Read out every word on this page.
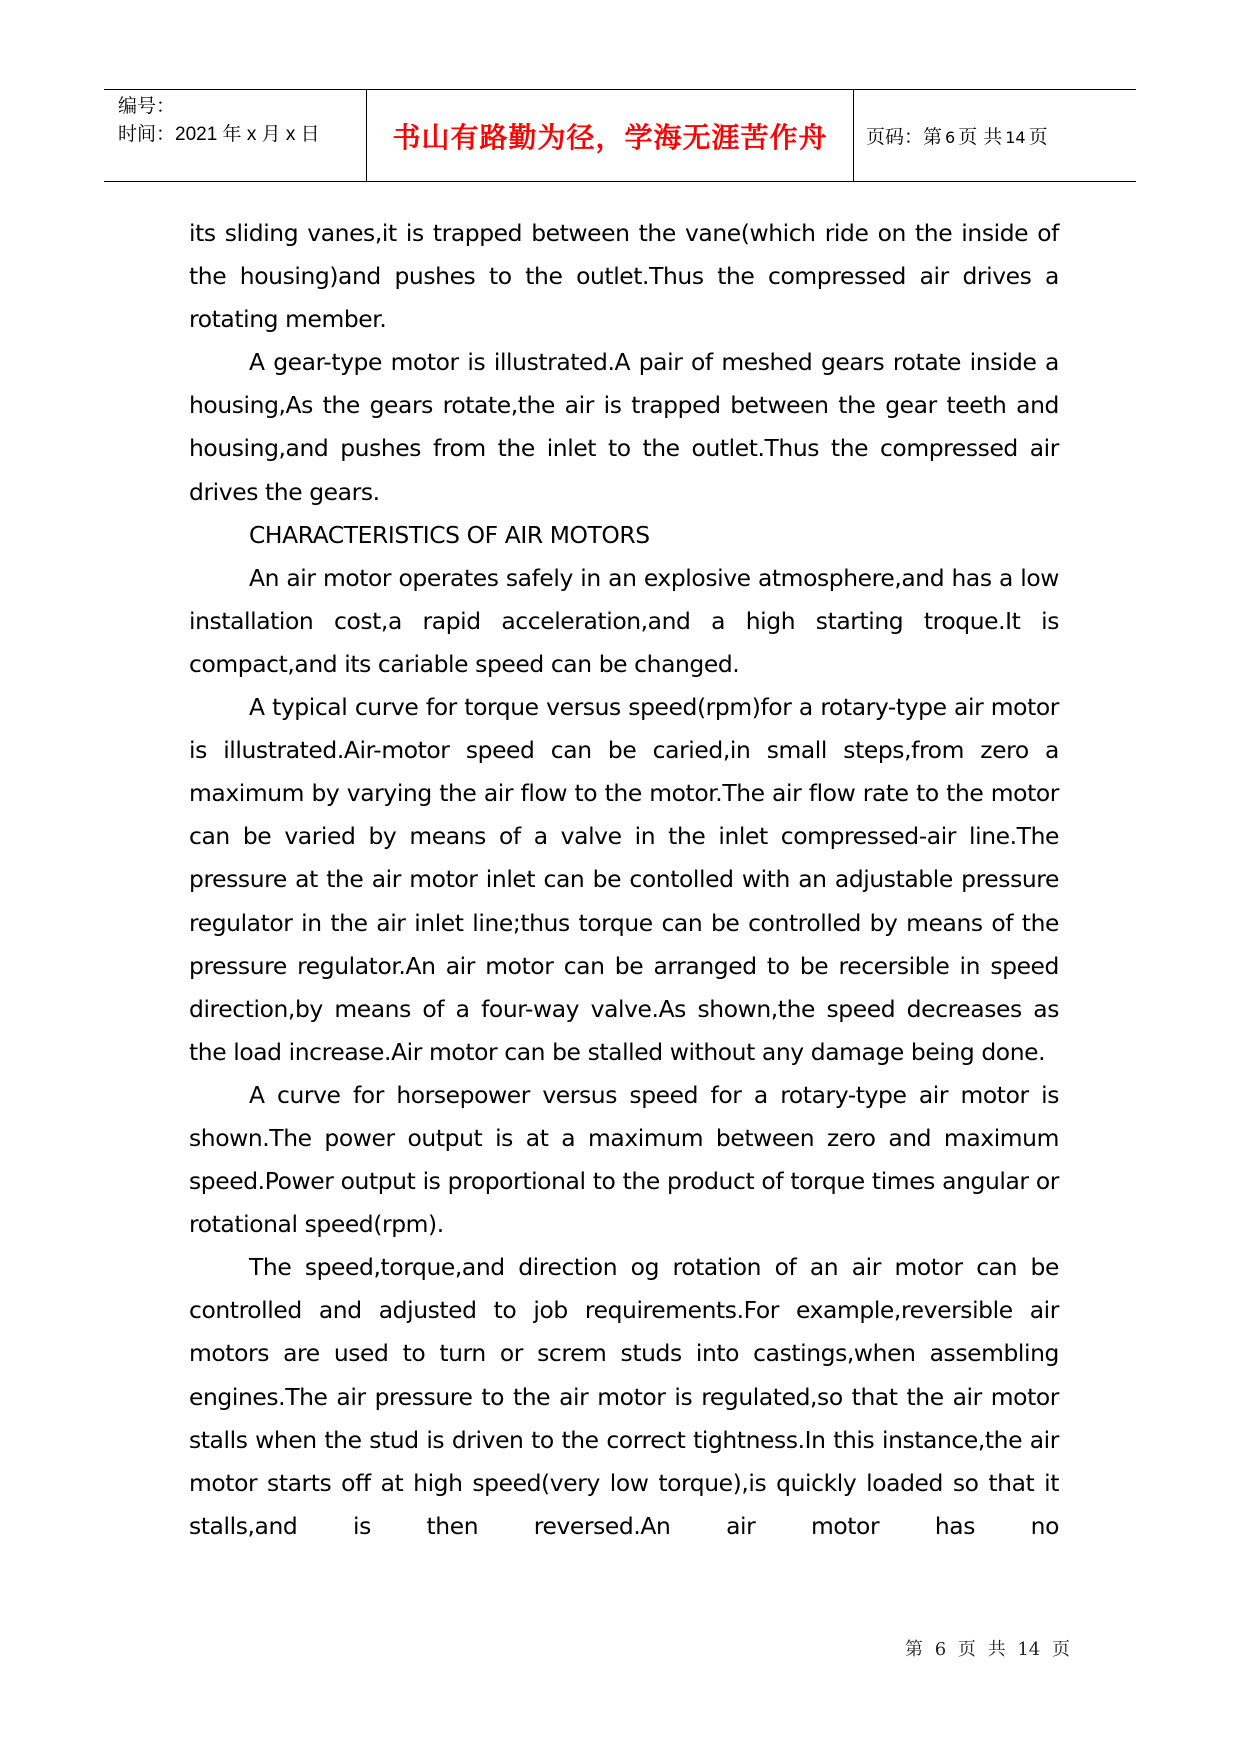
编号：
时间：2021 年 x 月 x 日	书山有路勤为径，学海无涯苦作舟 页码：第 6 页 共 14 页

its sliding vanes,it is trapped between the vane(which ride on the inside of the housing)and pushes to the outlet.Thus the compressed air drives a rotating member.

A gear-type motor is illustrated.A pair of meshed gears rotate inside a housing,As the gears rotate,the air is trapped between the gear teeth and housing,and pushes from the inlet to the outlet.Thus the compressed air drives the gears.

CHARACTERISTICS OF AIR MOTORS

An air motor operates safely in an explosive atmosphere,and has a low installation cost,a rapid acceleration,and a high starting troque.It is compact,and its cariable speed can be changed.

A typical curve for torque versus speed(rpm)for a rotary-type air motor is illustrated.Air-motor speed can be caried,in small steps,from zero a maximum by varying the air flow to the motor.The air flow rate to the motor can be varied by means of a valve in the inlet compressed-air line.The pressure at the air motor inlet can be contolled with an adjustable pressure regulator in the air inlet line;thus torque can be controlled by means of the pressure regulator.An air motor can be arranged to be recersible in speed direction,by means of a four-way valve.As shown,the speed decreases as the load increase.Air motor can be stalled without any damage being done.

A curve for horsepower versus speed for a rotary-type air motor is shown.The power output is at a maximum between zero and maximum speed.Power output is proportional to the product of torque times angular or rotational speed(rpm).

The speed,torque,and direction og rotation of an air motor can be controlled and adjusted to job requirements.For example,reversible air motors are used to turn or screm studs into castings,when assembling engines.The air pressure to the air motor is regulated,so that the air motor stalls when the stud is driven to the correct tightness.In this instance,the air motor starts off at high speed(very low torque),is quickly loaded so that it stalls,and is then reversed.An air motor has no

第 6 页 共 14 页
